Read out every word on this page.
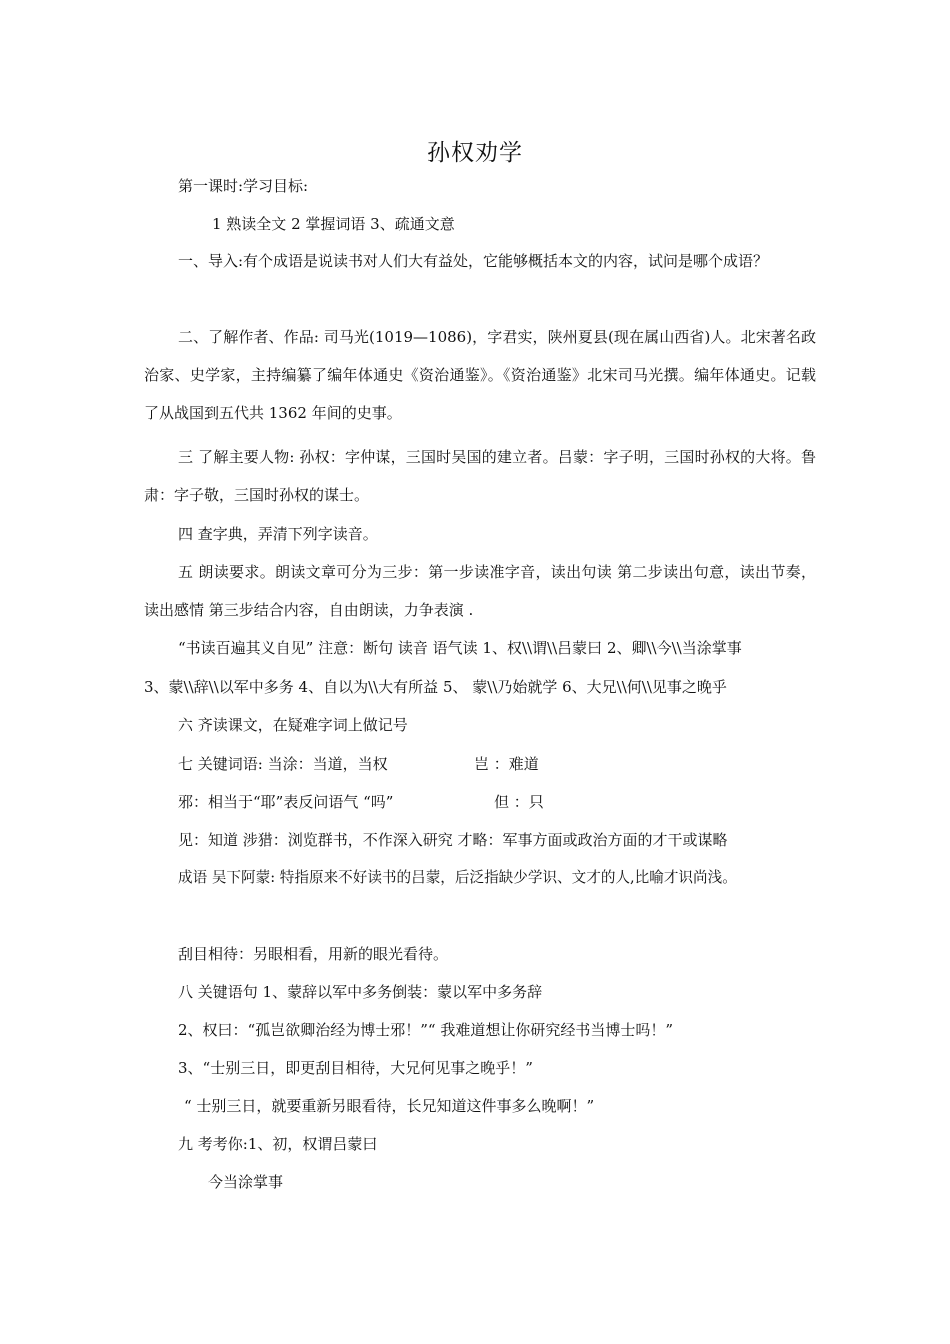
孙权劝学
第一课时:学习目标:
1 熟读全文 2 掌握词语 3、疏通文意
一、导入:有个成语是说读书对人们大有益处，它能够概括本文的内容，试问是哪个成语？
二、了解作者、作品: 司马光(1019—1086)，字君实，陕州夏县(现在属山西省)人。北宋著名政治家、史学家，主持编纂了编年体通史《资治通鉴》。《资治通鉴》北宋司马光撰。编年体通史。记载了从战国到五代共 1362 年间的史事。
三 了解主要人物: 孙权：字仲谋，三国时吴国的建立者。吕蒙：字子明，三国时孙权的大将。鲁肃：字子敬，三国时孙权的谋士。
四 查字典，弄清下列字读音。
五 朗读要求。朗读文章可分为三步：第一步读准字音，读出句读 第二步读出句意，读出节奏，读出感情 第三步结合内容，自由朗读，力争表演 .
“书读百遍其义自见” 注意：断句 读音 语气读 1、权\\谓\\吕蒙曰 2、卿\\今\\当涂掌事
3、蒙\\辞\\以军中多务 4、自以为\\大有所益 5、 蒙\\乃始就学 6、大兄\\何\\见事之晚乎
六 齐读课文，在疑难字词上做记号
七 关键词语: 当涂：当道，当权	岂 ：难道
邪：相当于“耶”表反问语气 “吗”	但 ：只
见：知道 涉猎：浏览群书，不作深入研究 才略：军事方面或政治方面的才干或谋略
成语 吴下阿蒙: 特指原来不好读书的吕蒙，后泛指缺少学识、文才的人,比喻才识尚浅。
刮目相待：另眼相看，用新的眼光看待。
八 关键语句 1、蒙辞以军中多务倒装：蒙以军中多务辞
2、权曰：“孤岂欲卿治经为博士邪！”“ 我难道想让你研究经书当博士吗！”
3、“士别三日，即更刮目相待，大兄何见事之晚乎！”
“ 士别三日，就要重新另眼看待，长兄知道这件事多么晚啊！”
九 考考你:1、初，权谓吕蒙曰
今当涂掌事
